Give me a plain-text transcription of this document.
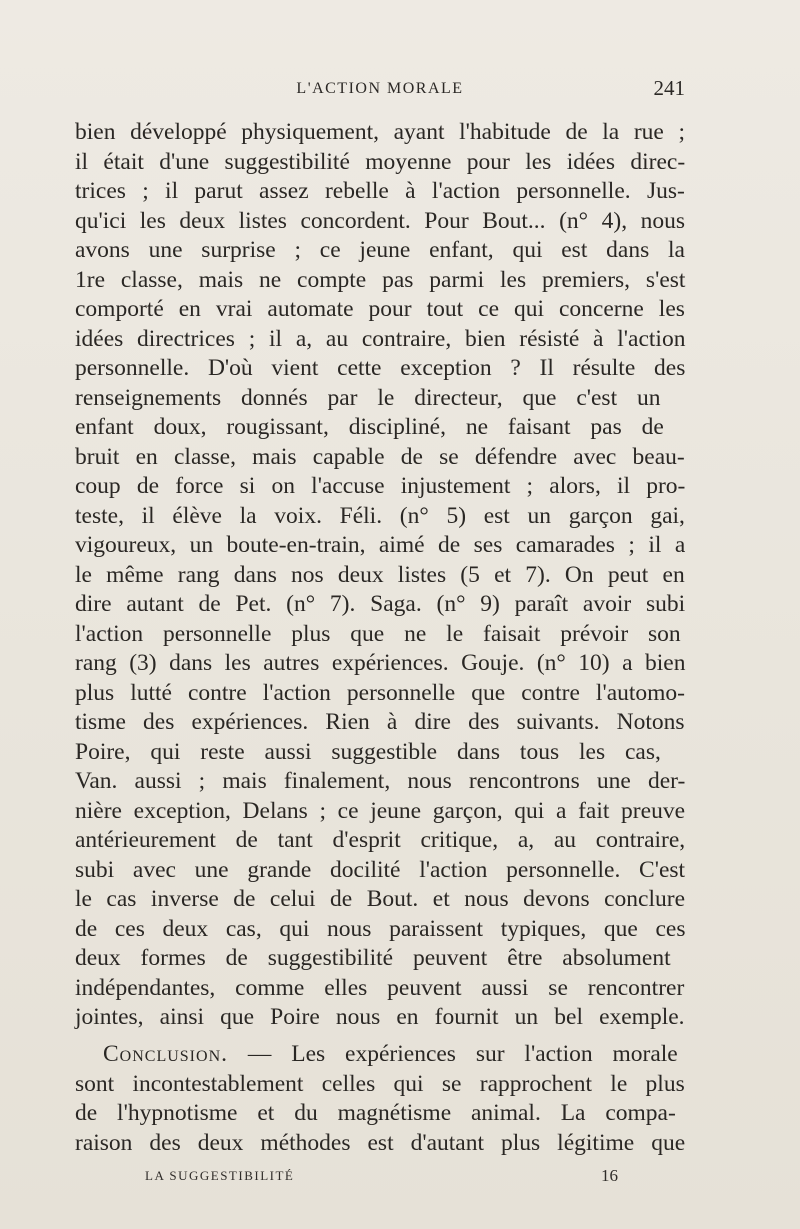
L'ACTION MORALE	241
bien développé physiquement, ayant l'habitude de la rue ;
il était d'une suggestibilité moyenne pour les idées direc-
trices ; il parut assez rebelle à l'action personnelle. Jus-
qu'ici les deux listes concordent. Pour Bout... (n° 4), nous
avons une surprise ; ce jeune enfant, qui est dans la
1re classe, mais ne compte pas parmi les premiers, s'est
comporté en vrai automate pour tout ce qui concerne les
idées directrices ; il a, au contraire, bien résisté à l'action
personnelle. D'où vient cette exception ? Il résulte des
renseignements donnés par le directeur, que c'est un
enfant doux, rougissant, discipliné, ne faisant pas de
bruit en classe, mais capable de se défendre avec beau-
coup de force si on l'accuse injustement ; alors, il pro-
teste, il élève la voix. Féli. (n° 5) est un garçon gai,
vigoureux, un boute-en-train, aimé de ses camarades ; il a
le même rang dans nos deux listes (5 et 7). On peut en
dire autant de Pet. (n° 7). Saga. (n° 9) paraît avoir subi
l'action personnelle plus que ne le faisait prévoir son
rang (3) dans les autres expériences. Gouje. (n° 10) a bien
plus lutté contre l'action personnelle que contre l'automo-
tisme des expériences. Rien à dire des suivants. Notons
Poire, qui reste aussi suggestible dans tous les cas,
Van. aussi ; mais finalement, nous rencontrons une der-
nière exception, Delans ; ce jeune garçon, qui a fait preuve
antérieurement de tant d'esprit critique, a, au contraire,
subi avec une grande docilité l'action personnelle. C'est
le cas inverse de celui de Bout. et nous devons conclure
de ces deux cas, qui nous paraissent typiques, que ces
deux formes de suggestibilité peuvent être absolument
indépendantes, comme elles peuvent aussi se rencontrer
jointes, ainsi que Poire nous en fournit un bel exemple.
Conclusion. — Les expériences sur l'action morale
sont incontestablement celles qui se rapprochent le plus
de l'hypnotisme et du magnétisme animal. La compa-
raison des deux méthodes est d'autant plus légitime que
LA SUGGESTIBILITÉ	16
